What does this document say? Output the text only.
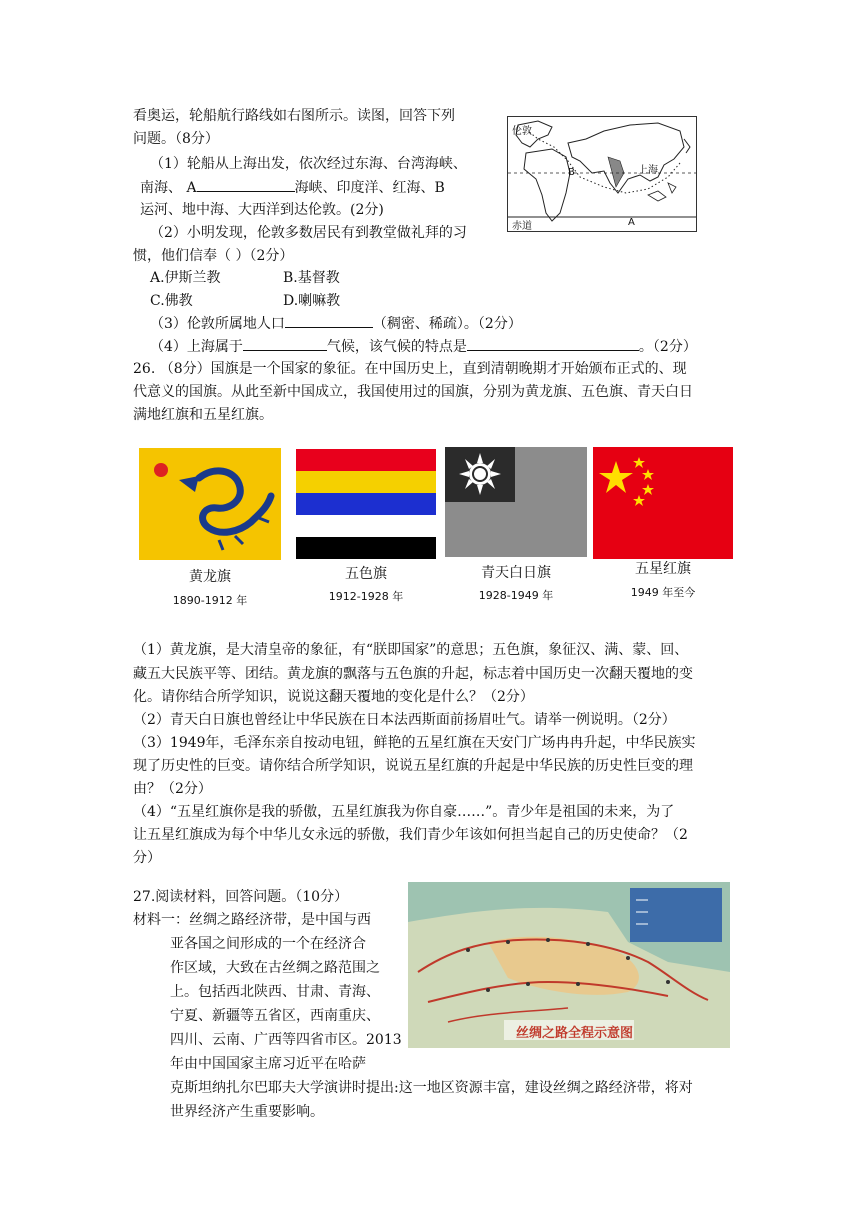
看奥运，轮船航行路线如右图所示。读图，回答下列
问题。（8分）
（1）轮船从上海出发，依次经过东海、台湾海峡、
南海、 A	海峡、印度洋、红海、B
运河、地中海、大西洋到达伦敦。(2分)
（2）小明发现，伦敦多数居民有到教堂做礼拜的习
惯，他们信奉（ ）（2分）
A.伊斯兰教	B.基督教
C.佛教	D.喇嘛教
（3）伦敦所属地人口	（稠密、稀疏）。（2分）
（4）上海属于	气候，该气候的特点是	。（2分）
伦敦
上海
赤道	A
B
26. （8分）国旗是一个国家的象征。在中国历史上，直到清朝晚期才开始颁布正式的、现
代意义的国旗。从此至新中国成立，我国使用过的国旗，分别为黄龙旗、五色旗、青天白日
满地红旗和五星红旗。
黄龙旗
1890-1912 年
五色旗
1912-1928 年
青天白日旗
1928-1949 年
五星红旗
1949 年至今
（1）黄龙旗，是大清皇帝的象征，有“朕即国家”的意思；五色旗，象征汉、满、蒙、回、
藏五大民族平等、团结。黄龙旗的飘落与五色旗的升起，标志着中国历史一次翻天覆地的变
化。请你结合所学知识，说说这翻天覆地的变化是什么？（2分）
（2）青天白日旗也曾经让中华民族在日本法西斯面前扬眉吐气。请举一例说明。（2分）
（3）1949年，毛泽东亲自按动电钮，鲜艳的五星红旗在天安门广场冉冉升起，中华民族实
现了历史性的巨变。请你结合所学知识，说说五星红旗的升起是中华民族的历史性巨变的理
由？（2分）
（4）“五星红旗你是我的骄傲，五星红旗我为你自豪……”。青少年是祖国的未来，为了
让五星红旗成为每个中华儿女永远的骄傲，我们青少年该如何担当起自己的历史使命？（2
分）
27.阅读材料，回答问题。（10分）
材料一：丝绸之路经济带，是中国与西
亚各国之间形成的一个在经济合
作区域，大致在古丝绸之路范围之
上。包括西北陕西、甘肃、青海、
宁夏、新疆等五省区，西南重庆、
四川、云南、广西等四省市区。2013
年由中国国家主席习近平在哈萨
克斯坦纳扎尔巴耶夫大学演讲时提出:这一地区资源丰富，建设丝绸之路经济带，将对
世界经济产生重要影响。
丝绸之路全程示意图
